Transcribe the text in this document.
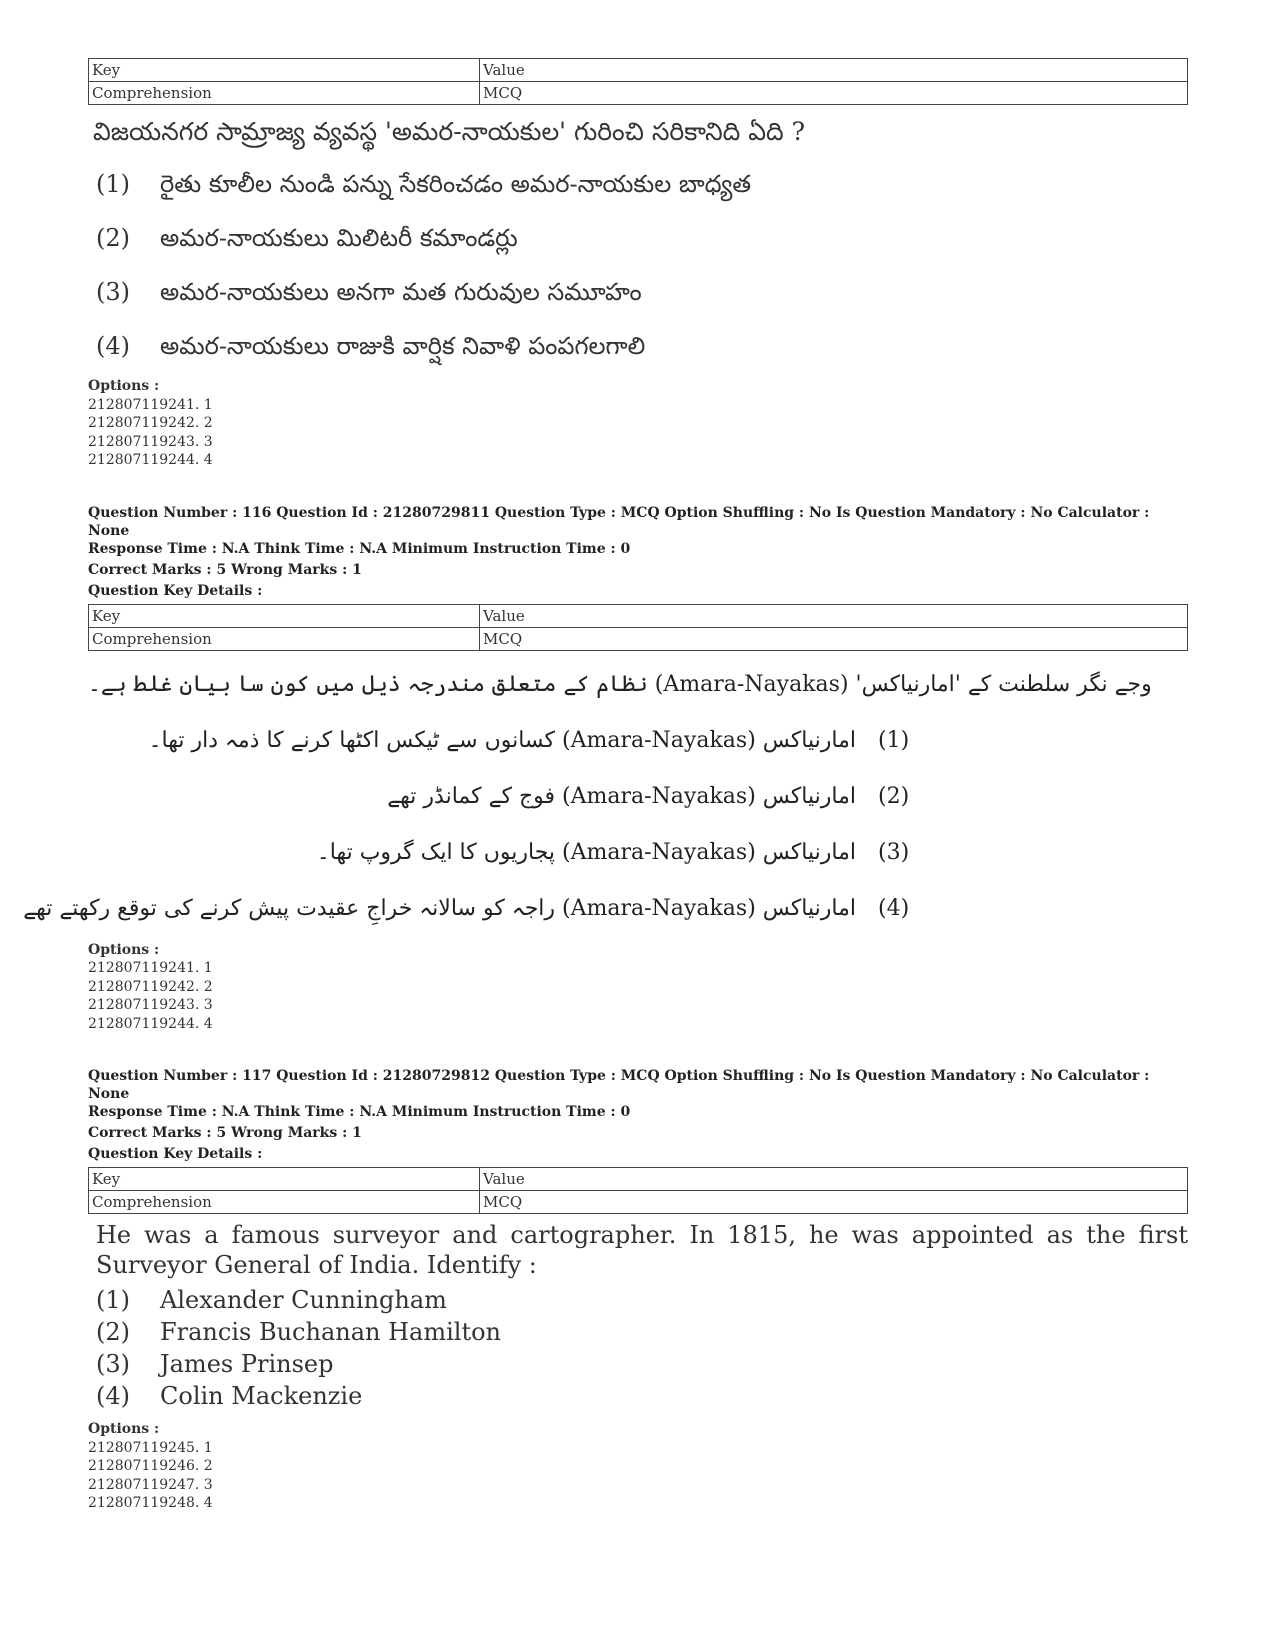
Key	Value
Comprehension	MCQ
విజయనగర సామ్రాజ్య వ్యవస్థ 'అమర-నాయకుల' గురించి సరికానిది ఏది ?
(1) రైతు కూలీల నుండి పన్ను సేకరించడం అమర-నాయకుల బాధ్యత
(2) అమర-నాయకులు మిలిటరీ కమాండర్లు
(3) అమర-నాయకులు అనగా మత గురువుల సమూహం
(4) అమర-నాయకులు రాజుకి వార్షిక నివాళి పంపగలగాలి
Options :
212807119241. 1
212807119242. 2
212807119243. 3
212807119244. 4
Question Number : 116 Question Id : 21280729811 Question Type : MCQ Option Shuffling : No Is Question Mandatory : No Calculator : None
Response Time : N.A Think Time : N.A Minimum Instruction Time : 0
Correct Marks : 5 Wrong Marks : 1
Question Key Details :
Key	Value
Comprehension	MCQ
وجے نگر سلطنت کے 'امارنیاکس' (Amara-Nayakas) نظام کے متعلق مندرجہ ذیل میں کون سا بیان غلط ہے۔
(1)
امارنیاکس (Amara-Nayakas) کسانوں سے ٹیکس اکٹھا کرنے کا ذمہ دار تھا۔
(2)
امارنیاکس (Amara-Nayakas) فوج کے کمانڈر تھے
(3)
امارنیاکس (Amara-Nayakas) پجاریوں کا ایک گروپ تھا۔
(4)
امارنیاکس (Amara-Nayakas) راجہ کو سالانہ خراجِ عقیدت پیش کرنے کی توقع رکھتے تھے
Options :
212807119241. 1
212807119242. 2
212807119243. 3
212807119244. 4
Question Number : 117 Question Id : 21280729812 Question Type : MCQ Option Shuffling : No Is Question Mandatory : No Calculator : None
Response Time : N.A Think Time : N.A Minimum Instruction Time : 0
Correct Marks : 5 Wrong Marks : 1
Question Key Details :
Key	Value
Comprehension	MCQ
He was a famous surveyor and cartographer. In 1815, he was appointed as the first Surveyor General of India. Identify :
(1) Alexander Cunningham
(2) Francis Buchanan Hamilton
(3) James Prinsep
(4) Colin Mackenzie
Options :
212807119245. 1
212807119246. 2
212807119247. 3
212807119248. 4
